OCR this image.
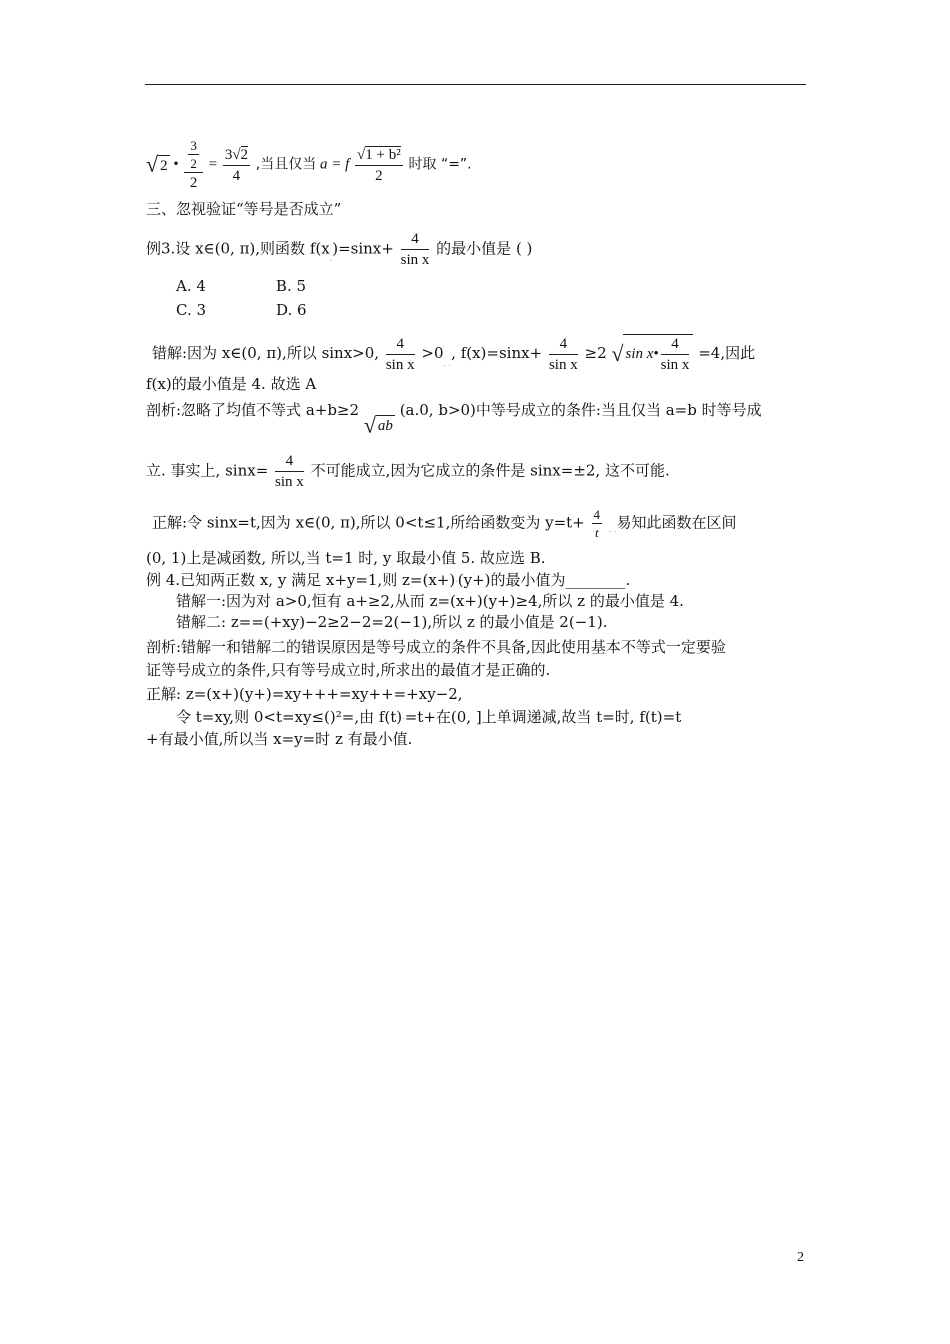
√ 2 • $\frac{\frac{3}{2}}{2} = \frac{3√2}{4}$ ,当且仅当 a = f $\frac{\text{√1 + b²}}{2}$ 时取 “=”.
三、忽视验证“等号是否成立”
例3.设 x∈(0, π),则函数 $f(x.)=\sin x+ \frac{4}{\text{sin x}}$ 的最小值是 ( )
A. 4	B. 5
C. 3	D. 6
错解:因为 x∈(0, π),所以 sinx>0, $\frac{4}{\text{sin x}} >0$. ., $f(x)=\sin x+ \frac{4}{\text{sin x}} \ge 2$ √ sin x• $\frac{4}{\text{sin x}} =4$,因此
f(x)的最小值是 4. 故选 A
剖析:忽略了均值不等式 a+b≥2 √ ab (a.0, b>0)中等号成立的条件:当且仅当 a=b 时等号成
立. 事实上, $\sin x= \frac{4}{\text{sin x}}$ 不可能成立,因为它成立的条件是 sinx=±2, 这不可能.
正解:令 sinx=t,因为 x∈(0, π),所以 0<t≤1,所给函数变为 $y=t+ \frac{4}{t}$ . .易知此函数在区间
(0, 1)上是减函数, 所以,当 t=1 时, y 取最小值 5. 故应选 B.
例 4.已知两正数 x, y 满足 x+y=1,则 z=(x+).(y+)的最小值为________.
错解一:因为对 a>0,恒有 a+≥2,从而 z=(x+)(y+)≥4,所以 z 的最小值是 4.
错解二: z==(+xy)−2≥2−2=2(−1),所以 z 的最小值是 2(−1).
剖析:错解一和错解二的错误原因是等号成立的条件不具备,因此使用基本不等式一定要验
证等号成立的条件,只有等号成立时,所求出的最值才是正确的.
正解: z=(x+)(y+)=xy+++=xy++=+xy−2,
令 t=xy,则 0<t=xy≤()²=,由 f(t).=t+在(0, ]上单调递减,故当 t=时, f(t)=t
+有最小值,所以当 x=y=时 z 有最小值.
2
